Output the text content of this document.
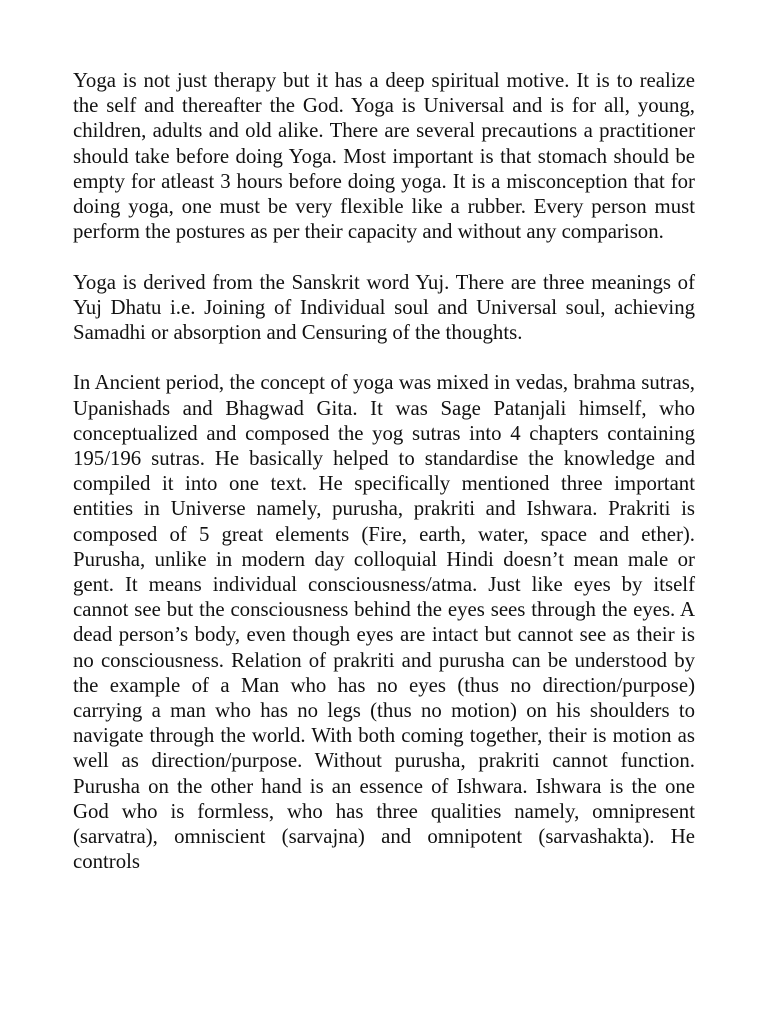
Yoga is not just therapy but it has a deep spiritual motive. It is to realize the self and thereafter the God. Yoga is Universal and is for all, young, children, adults and old alike. There are several precautions a practitioner should take before doing Yoga. Most important is that stomach should be empty for atleast 3 hours before doing yoga. It is a misconception that for doing yoga, one must be very flexible like a rubber. Every person must perform the postures as per their capacity and without any comparison.

Yoga is derived from the Sanskrit word Yuj. There are three meanings of Yuj Dhatu i.e. Joining of Individual soul and Universal soul, achieving Samadhi or absorption and Censuring of the thoughts.

In Ancient period, the concept of yoga was mixed in vedas, brahma sutras, Upanishads and Bhagwad Gita. It was Sage Patanjali himself, who conceptualized and composed the yog sutras into 4 chapters containing 195/196 sutras. He basically helped to standardise the knowledge and compiled it into one text. He specifically mentioned three important entities in Universe namely, purusha, prakriti and Ishwara. Prakriti is composed of 5 great elements (Fire, earth, water, space and ether). Purusha, unlike in modern day colloquial Hindi doesn’t mean male or gent. It means individual consciousness/atma. Just like eyes by itself cannot see but the consciousness behind the eyes sees through the eyes. A dead person’s body, even though eyes are intact but cannot see as their is no consciousness. Relation of prakriti and purusha can be understood by the example of a Man who has no eyes (thus no direction/purpose) carrying a man who has no legs (thus no motion) on his shoulders to navigate through the world. With both coming together, their is motion as well as direction/purpose. Without purusha, prakriti cannot function. Purusha on the other hand is an essence of Ishwara. Ishwara is the one God who is formless, who has three qualities namely, omnipresent (sarvatra), omniscient (sarvajna) and omnipotent (sarvashakta). He controls
